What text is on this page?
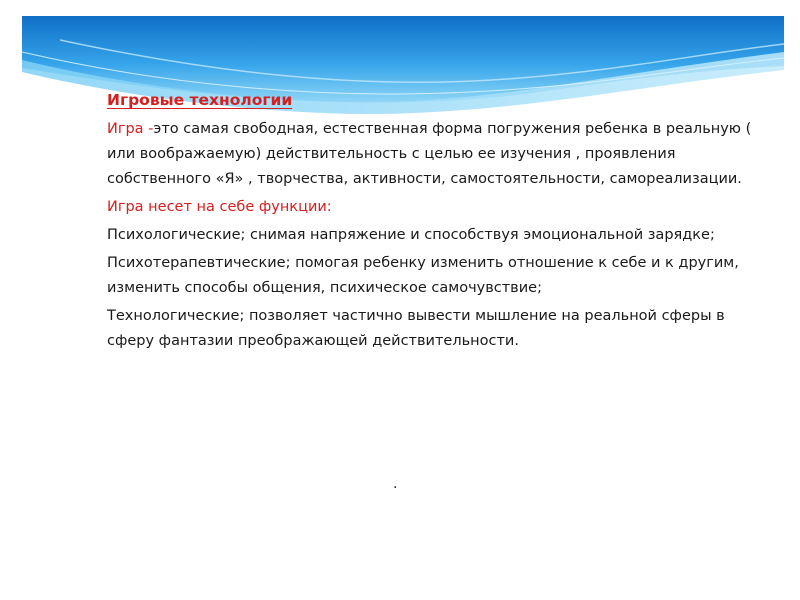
Игровые технологии
Игра -это самая свободная, естественная форма погружения ребенка в реальную ( или воображаемую) действительность с целью ее изучения , проявления собственного «Я» , творчества, активности, самостоятельности, самореализации.
Игра несет на себе функции:
Психологические; снимая напряжение и способствуя эмоциональной зарядке;
Психотерапевтические; помогая ребенку изменить отношение к себе и к другим, изменить способы общения, психическое самочувствие;
Технологические; позволяет частично вывести мышление на реальной сферы в сферу фантазии преображающей действительности.
.
